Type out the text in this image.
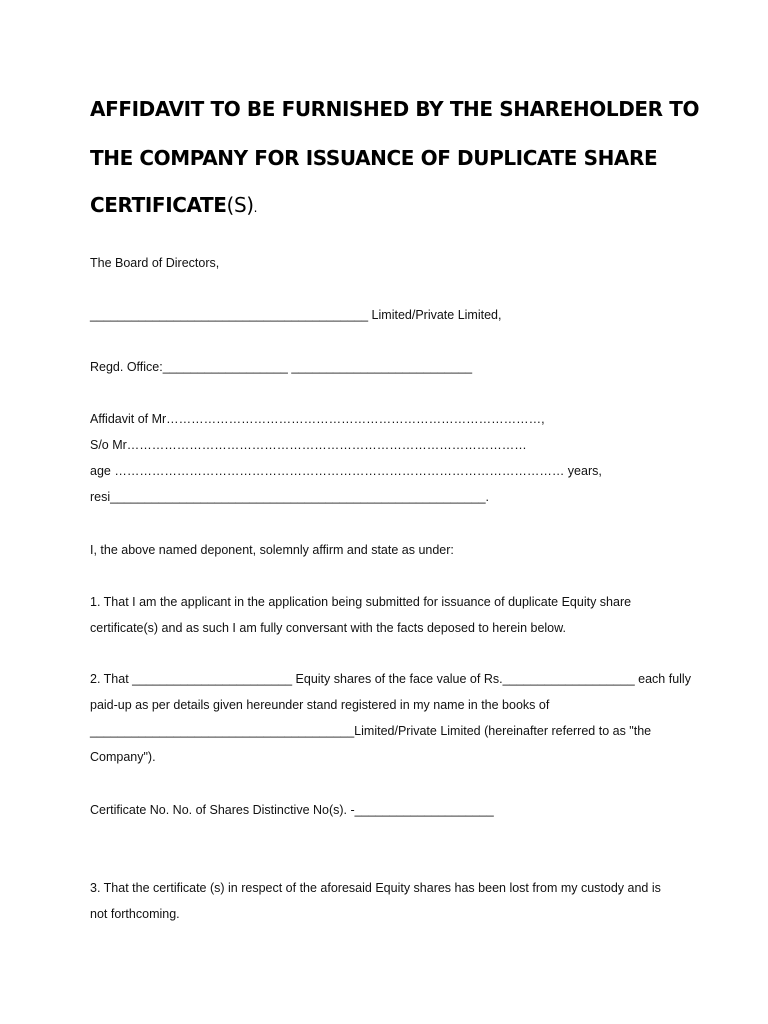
AFFIDAVIT TO BE FURNISHED BY THE SHAREHOLDER TO
THE COMPANY FOR ISSUANCE OF DUPLICATE SHARE
CERTIFICATE(S).
The Board of Directors,
________________________________________ Limited/Private Limited,
Regd. Office:__________________ __________________________
Affidavit of Mr………………………………………………………………………………,
S/o Mr……………………………………………………………………………………
age ……………………………………………………………………………………………… years,
resi______________________________________________________.
I, the above named deponent, solemnly affirm and state as under:
1. That I am the applicant in the application being submitted for issuance of duplicate Equity share
certificate(s) and as such I am fully conversant with the facts deposed to herein below.
2. That _______________________ Equity shares of the face value of Rs.___________________ each fully
paid-up as per details given hereunder stand registered in my name in the books of
______________________________________Limited/Private Limited (hereinafter referred to as "the
Company").
Certificate No. No. of Shares Distinctive No(s). -____________________
3. That the certificate (s) in respect of the aforesaid Equity shares has been lost from my custody and is
not forthcoming.
